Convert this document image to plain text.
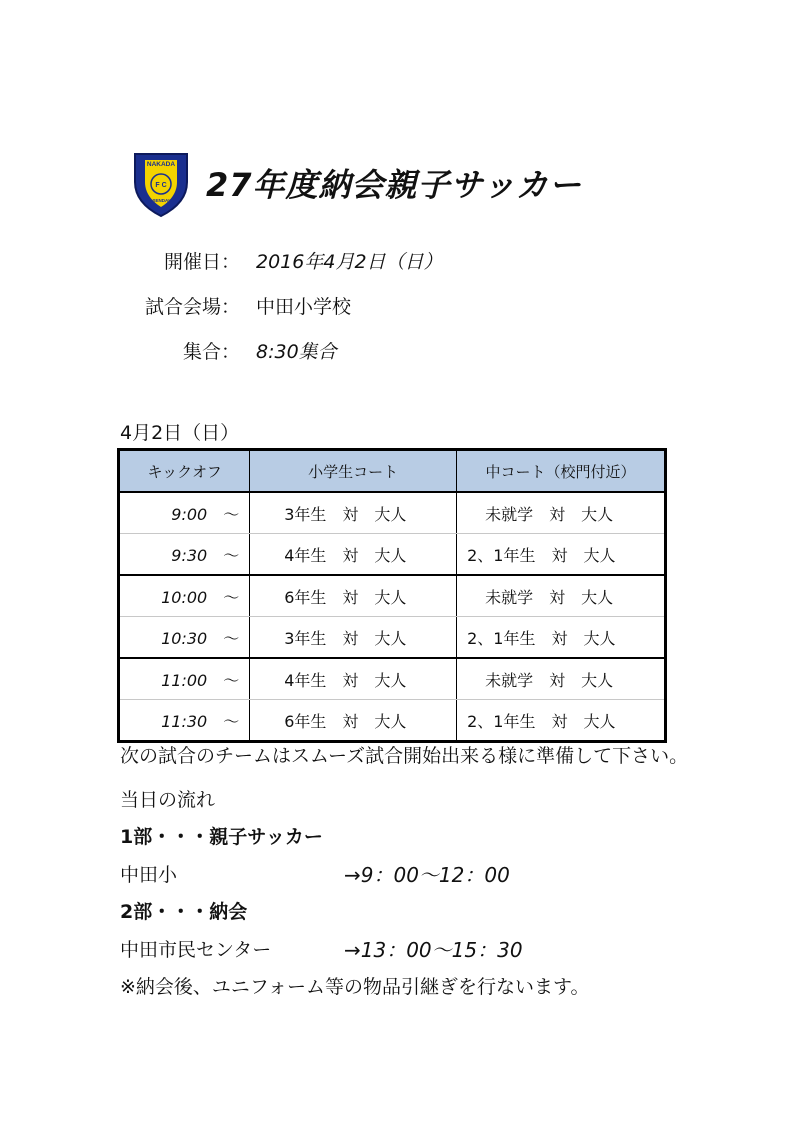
NAKADA
F C
SENDAI 27年度納会親子サッカー
開催日： 2016年4月2日（日）
試合会場： 中田小学校
集合： 8:30集合
4月2日（日）
キックオフ	小学生コート	中コート（校門付近）
9:00 ～	3年生　対　大人	未就学　対　大人
9:30 ～	4年生　対　大人	2、1年生　対　大人
10:00 ～	6年生　対　大人	未就学　対　大人
10:30 ～	3年生　対　大人	2、1年生　対　大人
11:00 ～	4年生　対　大人	未就学　対　大人
11:30 ～	6年生　対　大人	2、1年生　対　大人
次の試合のチームはスムーズ試合開始出来る様に準備して下さい。
当日の流れ
1部・・・親子サッカー
中田小	→9：00～12：00
2部・・・納会
中田市民センター	→13：00～15：30
※納会後、ユニフォーム等の物品引継ぎを行ないます。
